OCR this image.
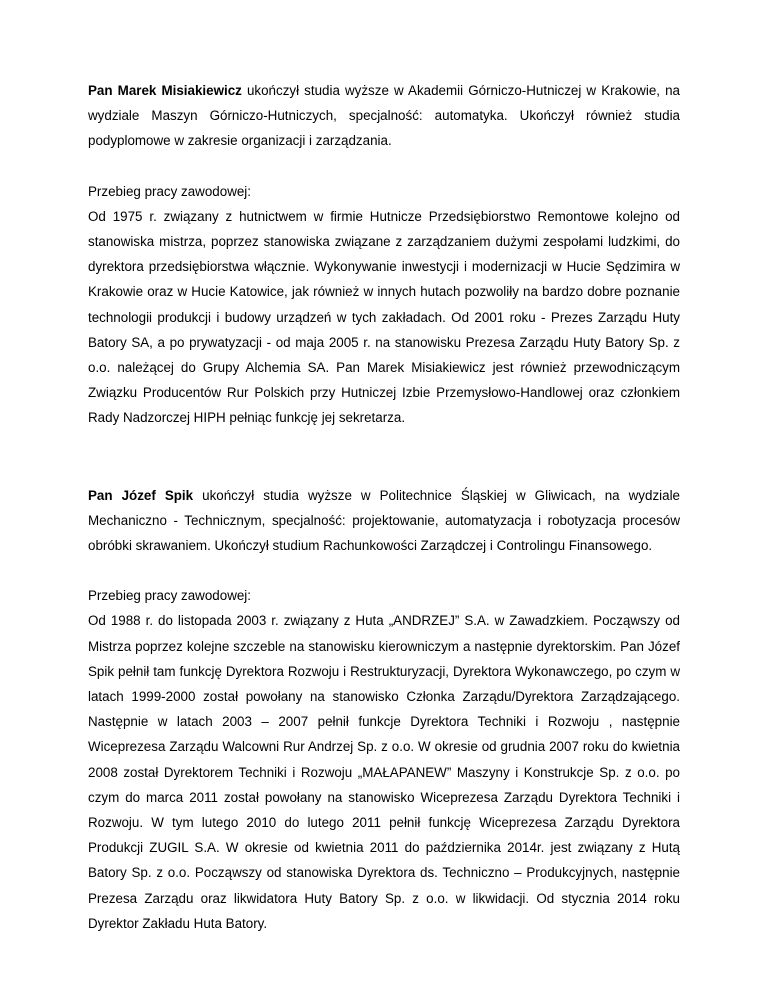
Pan Marek Misiakiewicz ukończył studia wyższe w Akademii Górniczo-Hutniczej w Krakowie, na wydziale Maszyn Górniczo-Hutniczych, specjalność: automatyka. Ukończył również studia podyplomowe w zakresie organizacji i zarządzania.

Przebieg pracy zawodowej:

Od 1975 r. związany z hutnictwem w firmie Hutnicze Przedsiębiorstwo Remontowe kolejno od stanowiska mistrza, poprzez stanowiska związane z zarządzaniem dużymi zespołami ludzkimi, do dyrektora przedsiębiorstwa włącznie. Wykonywanie inwestycji i modernizacji w Hucie Sędzimira w Krakowie oraz w Hucie Katowice, jak również w innych hutach pozwoliły na bardzo dobre poznanie technologii produkcji i budowy urządzeń w tych zakładach. Od 2001 roku - Prezes Zarządu Huty Batory SA, a po prywatyzacji - od maja 2005 r. na stanowisku Prezesa Zarządu Huty Batory Sp. z o.o. należącej do Grupy Alchemia SA. Pan Marek Misiakiewicz jest również przewodniczącym Związku Producentów Rur Polskich przy Hutniczej Izbie Przemysłowo-Handlowej oraz członkiem Rady Nadzorczej HIPH pełniąc funkcję jej sekretarza.

Pan Józef Spik ukończył studia wyższe w Politechnice Śląskiej w Gliwicach, na wydziale Mechaniczno - Technicznym, specjalność: projektowanie, automatyzacja i robotyzacja procesów obróbki skrawaniem. Ukończył studium Rachunkowości Zarządczej i Controlingu Finansowego.

Przebieg pracy zawodowej:

Od 1988 r. do listopada 2003 r. związany z Huta „ANDRZEJ” S.A. w Zawadzkiem. Począwszy od Mistrza poprzez kolejne szczeble na stanowisku kierowniczym a następnie dyrektorskim. Pan Józef Spik pełnił tam funkcję Dyrektora Rozwoju i Restrukturyzacji, Dyrektora Wykonawczego, po czym w latach 1999-2000 został powołany na stanowisko Członka Zarządu/Dyrektora Zarządzającego. Następnie w latach 2003 – 2007 pełnił funkcje Dyrektora Techniki i Rozwoju , następnie Wiceprezesa Zarządu Walcowni Rur Andrzej Sp. z o.o. W okresie od grudnia 2007 roku do kwietnia 2008 został Dyrektorem Techniki i Rozwoju „MAŁAPANEW” Maszyny i Konstrukcje Sp. z o.o. po czym do marca 2011 został powołany na stanowisko Wiceprezesa Zarządu Dyrektora Techniki i Rozwoju. W tym lutego 2010 do lutego 2011 pełnił funkcję Wiceprezesa Zarządu Dyrektora Produkcji ZUGIL S.A. W okresie od kwietnia 2011 do października 2014r. jest związany z Hutą Batory Sp. z o.o. Począwszy od stanowiska Dyrektora ds. Techniczno – Produkcyjnych, następnie Prezesa Zarządu oraz likwidatora Huty Batory Sp. z o.o. w likwidacji. Od stycznia 2014 roku Dyrektor Zakładu Huta Batory.
